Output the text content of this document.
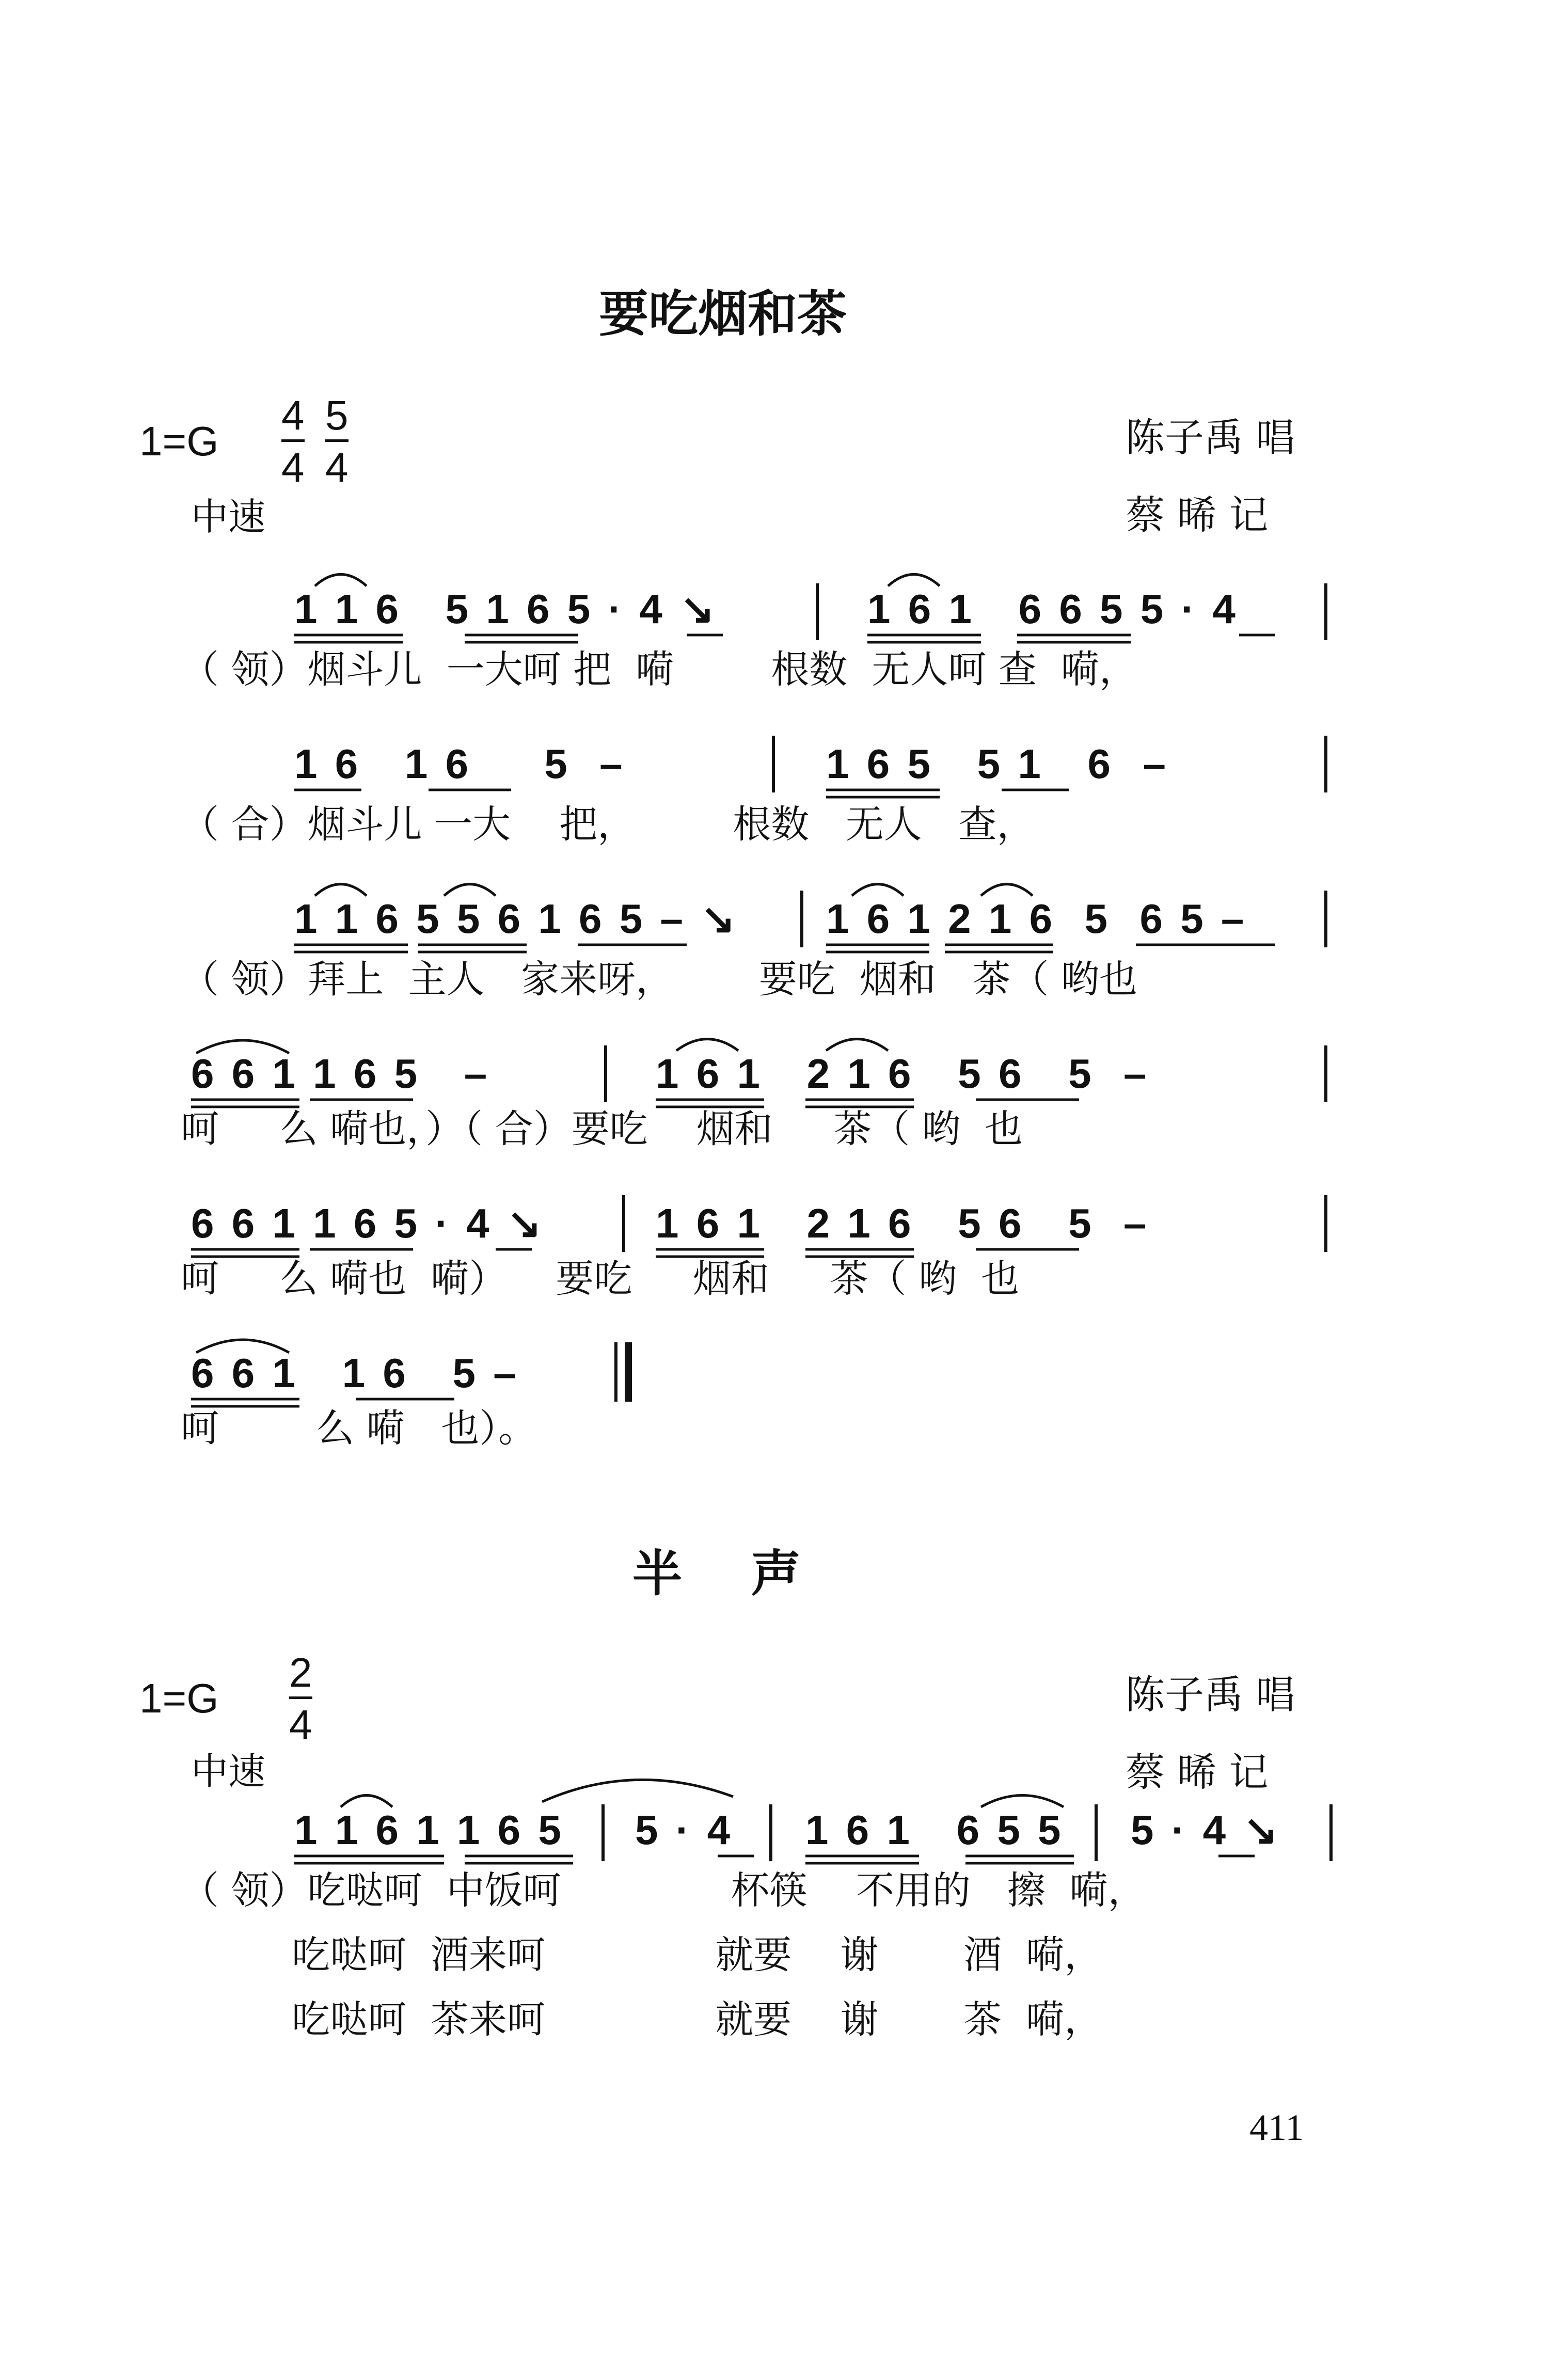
要吃烟和茶
1=G
4
4
5
4
陈子禹 唱
中速	蔡 晞 记
1 1 6   5 1 6 5 · 4 ↘	1 6 1   6 6 5 5 · 4
（ 领）烟斗儿  一大呵 把  嗬        根数  无人呵 查  嗬，
1 6   1 6     5  –	1 6 5   5 1   6  –
（ 合）烟斗儿 一大    把，        根数   无人   查，
1 1 6 5 5 6 1 6 5 – ↘ 1 6 1 2 1 6  5  6 5 –
（ 领）拜上  主人   家来呀，       要吃  烟和   茶（ 哟也
6 6 1 1 6 5   –	1 6 1   2 1 6   5 6   5  –
呵     么 嗬也，）（ 合）要吃    烟和     茶（ 哟  也
6 6 1 1 6 5 · 4 ↘	1 6 1   2 1 6   5 6   5  –
呵     么 嗬也  嗬）    要吃     烟和     茶（ 哟  也
6 6 1   1 6   5 –
呵        么 嗬   也）。
半    声
1=G
2
4
陈子禹 唱
中速	蔡 晞 记
1 1 6 1 1 6 5 5 · 4 1 6 1   6 5 5 5 · 4 ↘
（ 领）吃哒呵  中饭呵              杯筷    不用的   擦  嗬，
吃哒呵  酒来呵              就要    谢       酒  嗬，
吃哒呵  茶来呵              就要    谢       茶  嗬，
411
